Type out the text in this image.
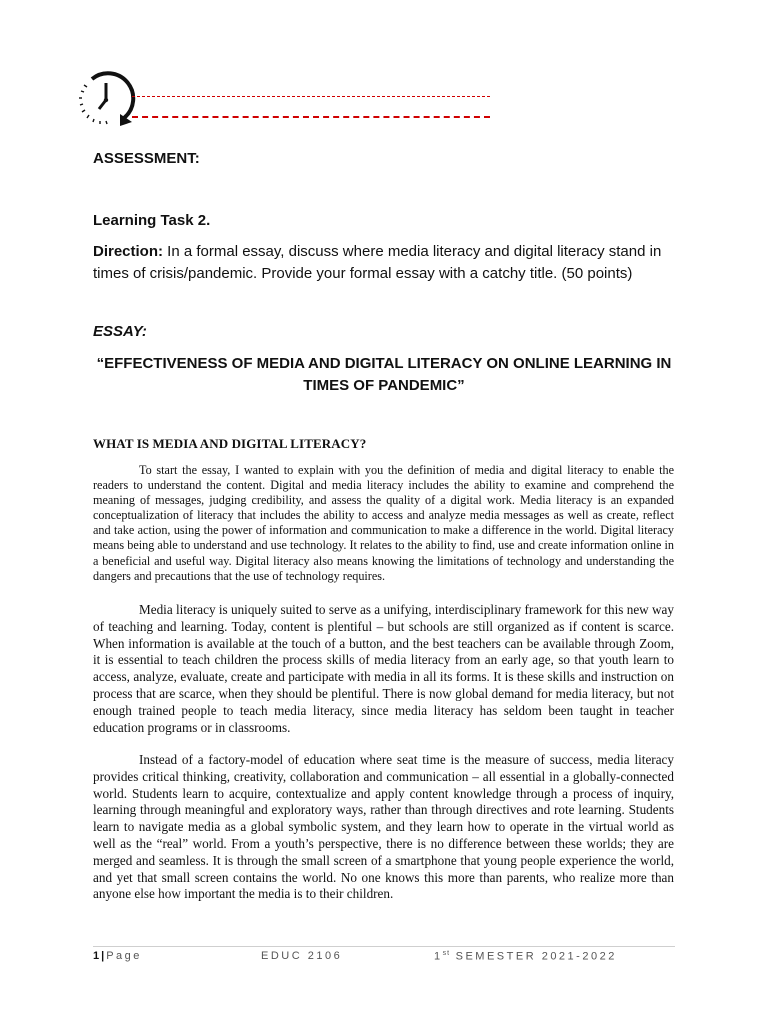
ASSESSMENT:
Learning Task 2.
Direction: In a formal essay, discuss where media literacy and digital literacy stand in times of crisis/pandemic. Provide your formal essay with a catchy title. (50 points)
ESSAY:
“EFFECTIVENESS OF MEDIA AND DIGITAL LITERACY ON ONLINE LEARNING IN TIMES OF PANDEMIC”
WHAT IS MEDIA AND DIGITAL LITERACY?

To start the essay, I wanted to explain with you the definition of media and digital literacy to enable the readers to understand the content. Digital and media literacy includes the ability to examine and comprehend the meaning of messages, judging credibility, and assess the quality of a digital work. Media literacy is an expanded conceptualization of literacy that includes the ability to access and analyze media messages as well as create, reflect and take action, using the power of information and communication to make a difference in the world. Digital literacy means being able to understand and use technology. It relates to the ability to find, use and create information online in a beneficial and useful way. Digital literacy also means knowing the limitations of technology and understanding the dangers and precautions that the use of technology requires.

Media literacy is uniquely suited to serve as a unifying, interdisciplinary framework for this new way of teaching and learning. Today, content is plentiful – but schools are still organized as if content is scarce. When information is available at the touch of a button, and the best teachers can be available through Zoom, it is essential to teach children the process skills of media literacy from an early age, so that youth learn to access, analyze, evaluate, create and participate with media in all its forms. It is these skills and instruction on process that are scarce, when they should be plentiful. There is now global demand for media literacy, but not enough trained people to teach media literacy, since media literacy has seldom been taught in teacher education programs or in classrooms.

Instead of a factory-model of education where seat time is the measure of success, media literacy provides critical thinking, creativity, collaboration and communication – all essential in a globally-connected world. Students learn to acquire, contextualize and apply content knowledge through a process of inquiry, learning through meaningful and exploratory ways, rather than through directives and rote learning. Students learn to navigate media as a global symbolic system, and they learn how to operate in the virtual world as well as the “real” world. From a youth’s perspective, there is no difference between these worlds; they are merged and seamless. It is through the small screen of a smartphone that young people experience the world, and yet that small screen contains the world. No one knows this more than parents, who realize more than anyone else how important the media is to their children.

1 | Page	EDUC 2106	1st SEMESTER 2021-2022
